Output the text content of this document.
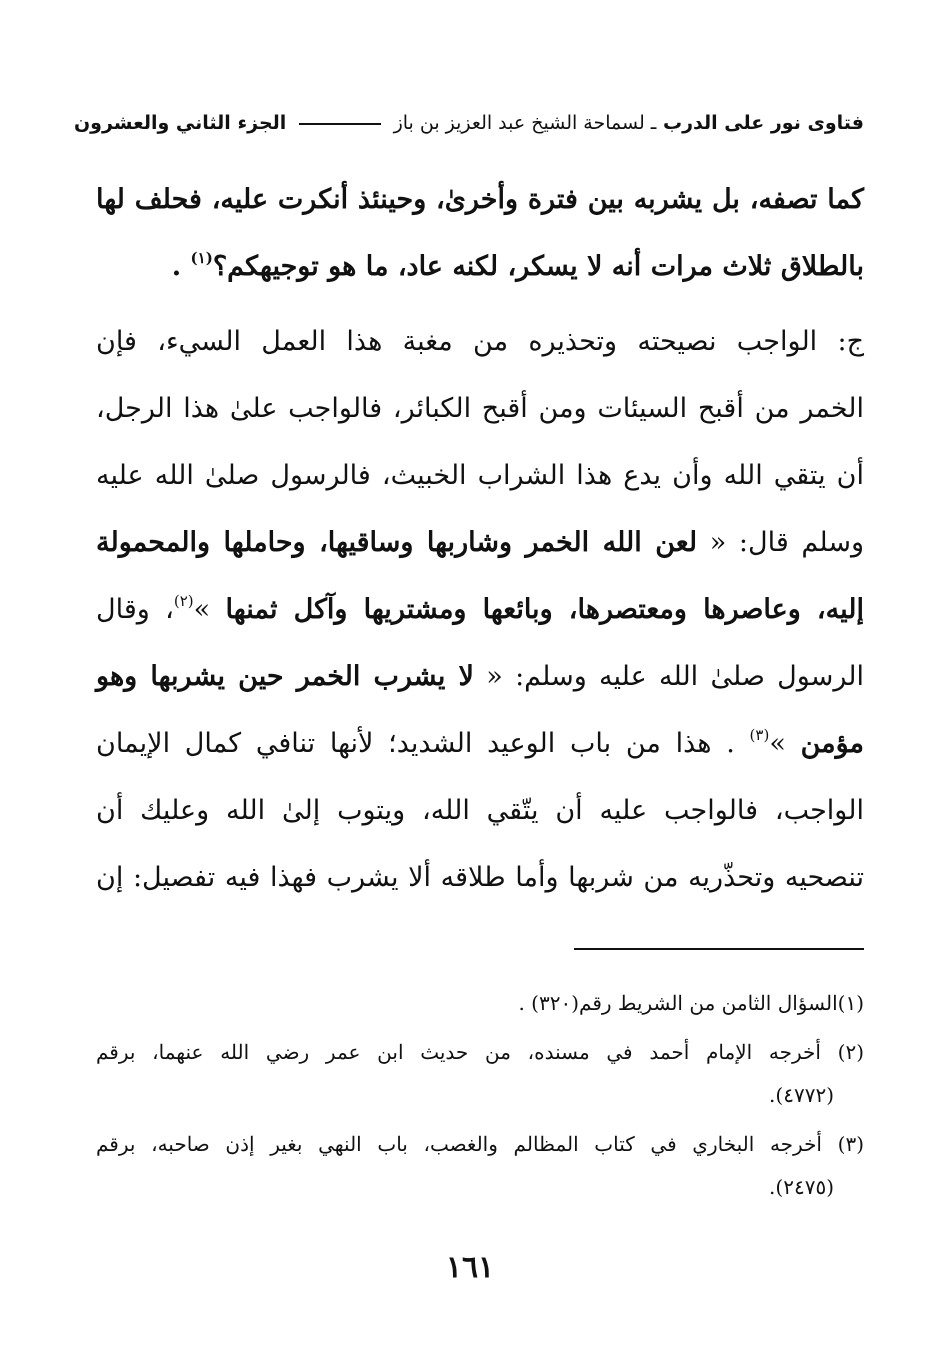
فتاوى نور على الدرب ـ لسماحة الشيخ عبد العزيز بن باز  الجزء الثاني والعشرون
كما تصفه، بل يشربه بين فترة وأخرىٰ، وحينئذ أنكرت عليه، فحلف لها
بالطلاق ثلاث مرات أنه لا يسكر، لكنه عاد، ما هو توجيهكم؟$^{(١)}$ .
ج: الواجب نصيحته وتحذيره من مغبة هذا العمل السيء، فإن
الخمر من أقبح السيئات ومن أقبح الكبائر، فالواجب علىٰ هذا الرجل،
أن يتقي الله وأن يدع هذا الشراب الخبيث، فالرسول صلىٰ الله عليه
وسلم قال: « لعن الله الخمر وشاربها وساقيها، وحاملها والمحمولة
إليه، وعاصرها ومعتصرها، وبائعها ومشتريها وآكل ثمنها »$^{(٢)}$، وقال
الرسول صلىٰ الله عليه وسلم: « لا يشرب الخمر حين يشربها وهو
مؤمن »$^{(٣)}$ . هذا من باب الوعيد الشديد؛ لأنها تنافي كمال الإيمان
الواجب، فالواجب عليه أن يتّقي الله، ويتوب إلىٰ الله وعليك أن
تنصحيه وتحذّريه من شربها وأما طلاقه ألا يشرب فهذا فيه تفصيل: إن
(١)السؤال الثامن من الشريط رقم(٣٢٠) .
(٢) أخرجه الإمام أحمد في مسنده، من حديث ابن عمر رضي الله عنهما، برقم
(٤٧٧٢).
(٣) أخرجه البخاري في كتاب المظالم والغصب، باب النهي بغير إذن صاحبه، برقم
(٢٤٧٥).
١٦١
